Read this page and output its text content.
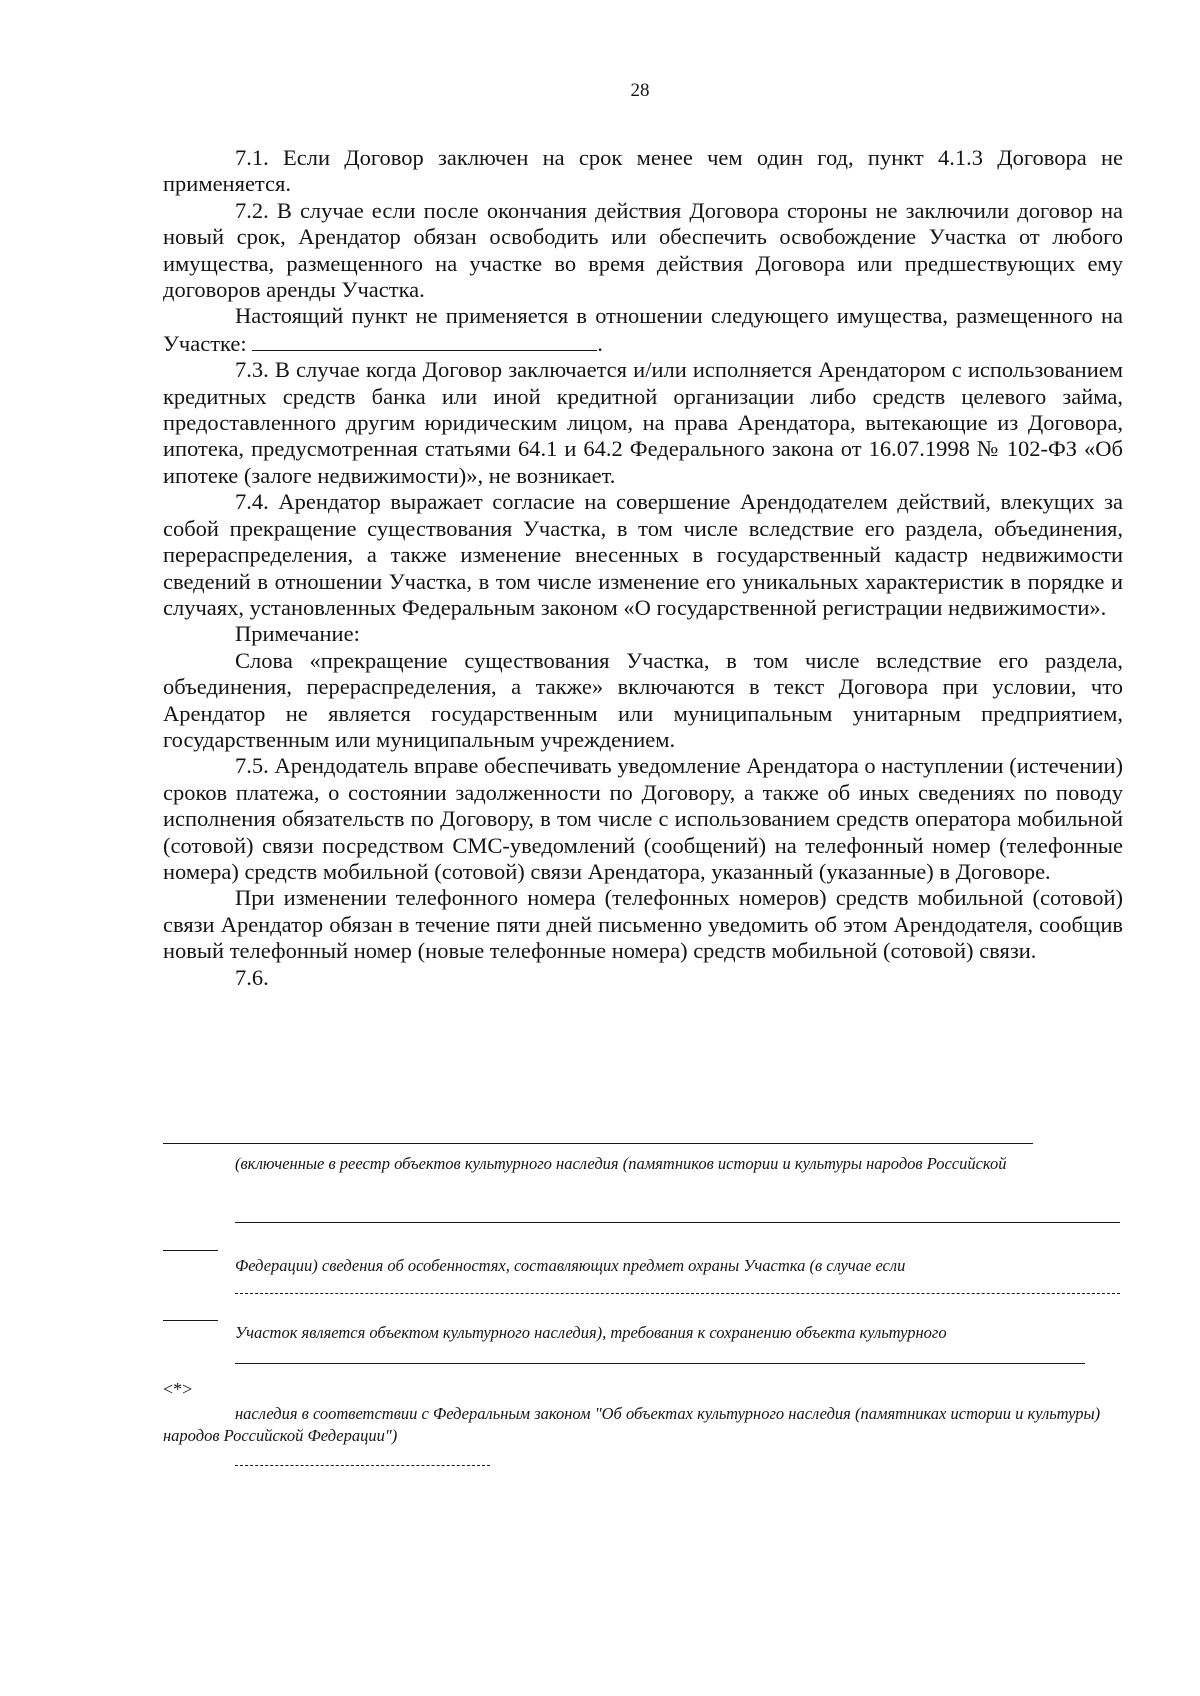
28

7.1. Если Договор заключен на срок менее чем один год, пункт 4.1.3 Договора не применяется.

7.2. В случае если после окончания действия Договора стороны не заключили договор на новый срок, Арендатор обязан освободить или обеспечить освобождение Участка от любого имущества, размещенного на участке во время действия Договора или предшествующих ему договоров аренды Участка.

Настоящий пункт не применяется в отношении следующего имущества, размещенного на Участке:	.

7.3. В случае когда Договор заключается и/или исполняется Арендатором с использованием кредитных средств банка или иной кредитной организации либо средств целевого займа, предоставленного другим юридическим лицом, на права Арендатора, вытекающие из Договора, ипотека, предусмотренная статьями 64.1 и 64.2 Федерального закона от 16.07.1998 № 102-ФЗ «Об ипотеке (залоге недвижимости)», не возникает.

7.4. Арендатор выражает согласие на совершение Арендодателем действий, влекущих за собой прекращение существования Участка, в том числе вследствие его раздела, объединения, перераспределения, а также изменение внесенных в государственный кадастр недвижимости сведений в отношении Участка, в том числе изменение его уникальных характеристик в порядке и случаях, установленных Федеральным законом «О государственной регистрации недвижимости».

Примечание:

Слова «прекращение существования Участка, в том числе вследствие его раздела, объединения, перераспределения, а также» включаются в текст Договора при условии, что Арендатор не является государственным или муниципальным унитарным предприятием, государственным или муниципальным учреждением.

7.5. Арендодатель вправе обеспечивать уведомление Арендатора о наступлении (истечении) сроков платежа, о состоянии задолженности по Договору, а также об иных сведениях по поводу исполнения обязательств по Договору, в том числе с использованием средств оператора мобильной (сотовой) связи посредством СМС-уведомлений (сообщений) на телефонный номер (телефонные номера) средств мобильной (сотовой) связи Арендатора, указанный (указанные) в Договоре.

При изменении телефонного номера (телефонных номеров) средств мобильной (сотовой) связи Арендатор обязан в течение пяти дней письменно уведомить об этом Арендодателя, сообщив новый телефонный номер (новые телефонные номера) средств мобильной (сотовой) связи.

7.6.

(включенные в реестр объектов культурного наследия (памятников истории и культуры народов Российской
Федерации) сведения об особенностях, составляющих предмет охраны Участка (в случае если
Участок является объектом культурного наследия), требования к сохранению объекта культурного
<*>
наследия в соответствии с Федеральным законом "Об объектах культурного наследия (памятниках истории и культуры) народов Российской Федерации")
